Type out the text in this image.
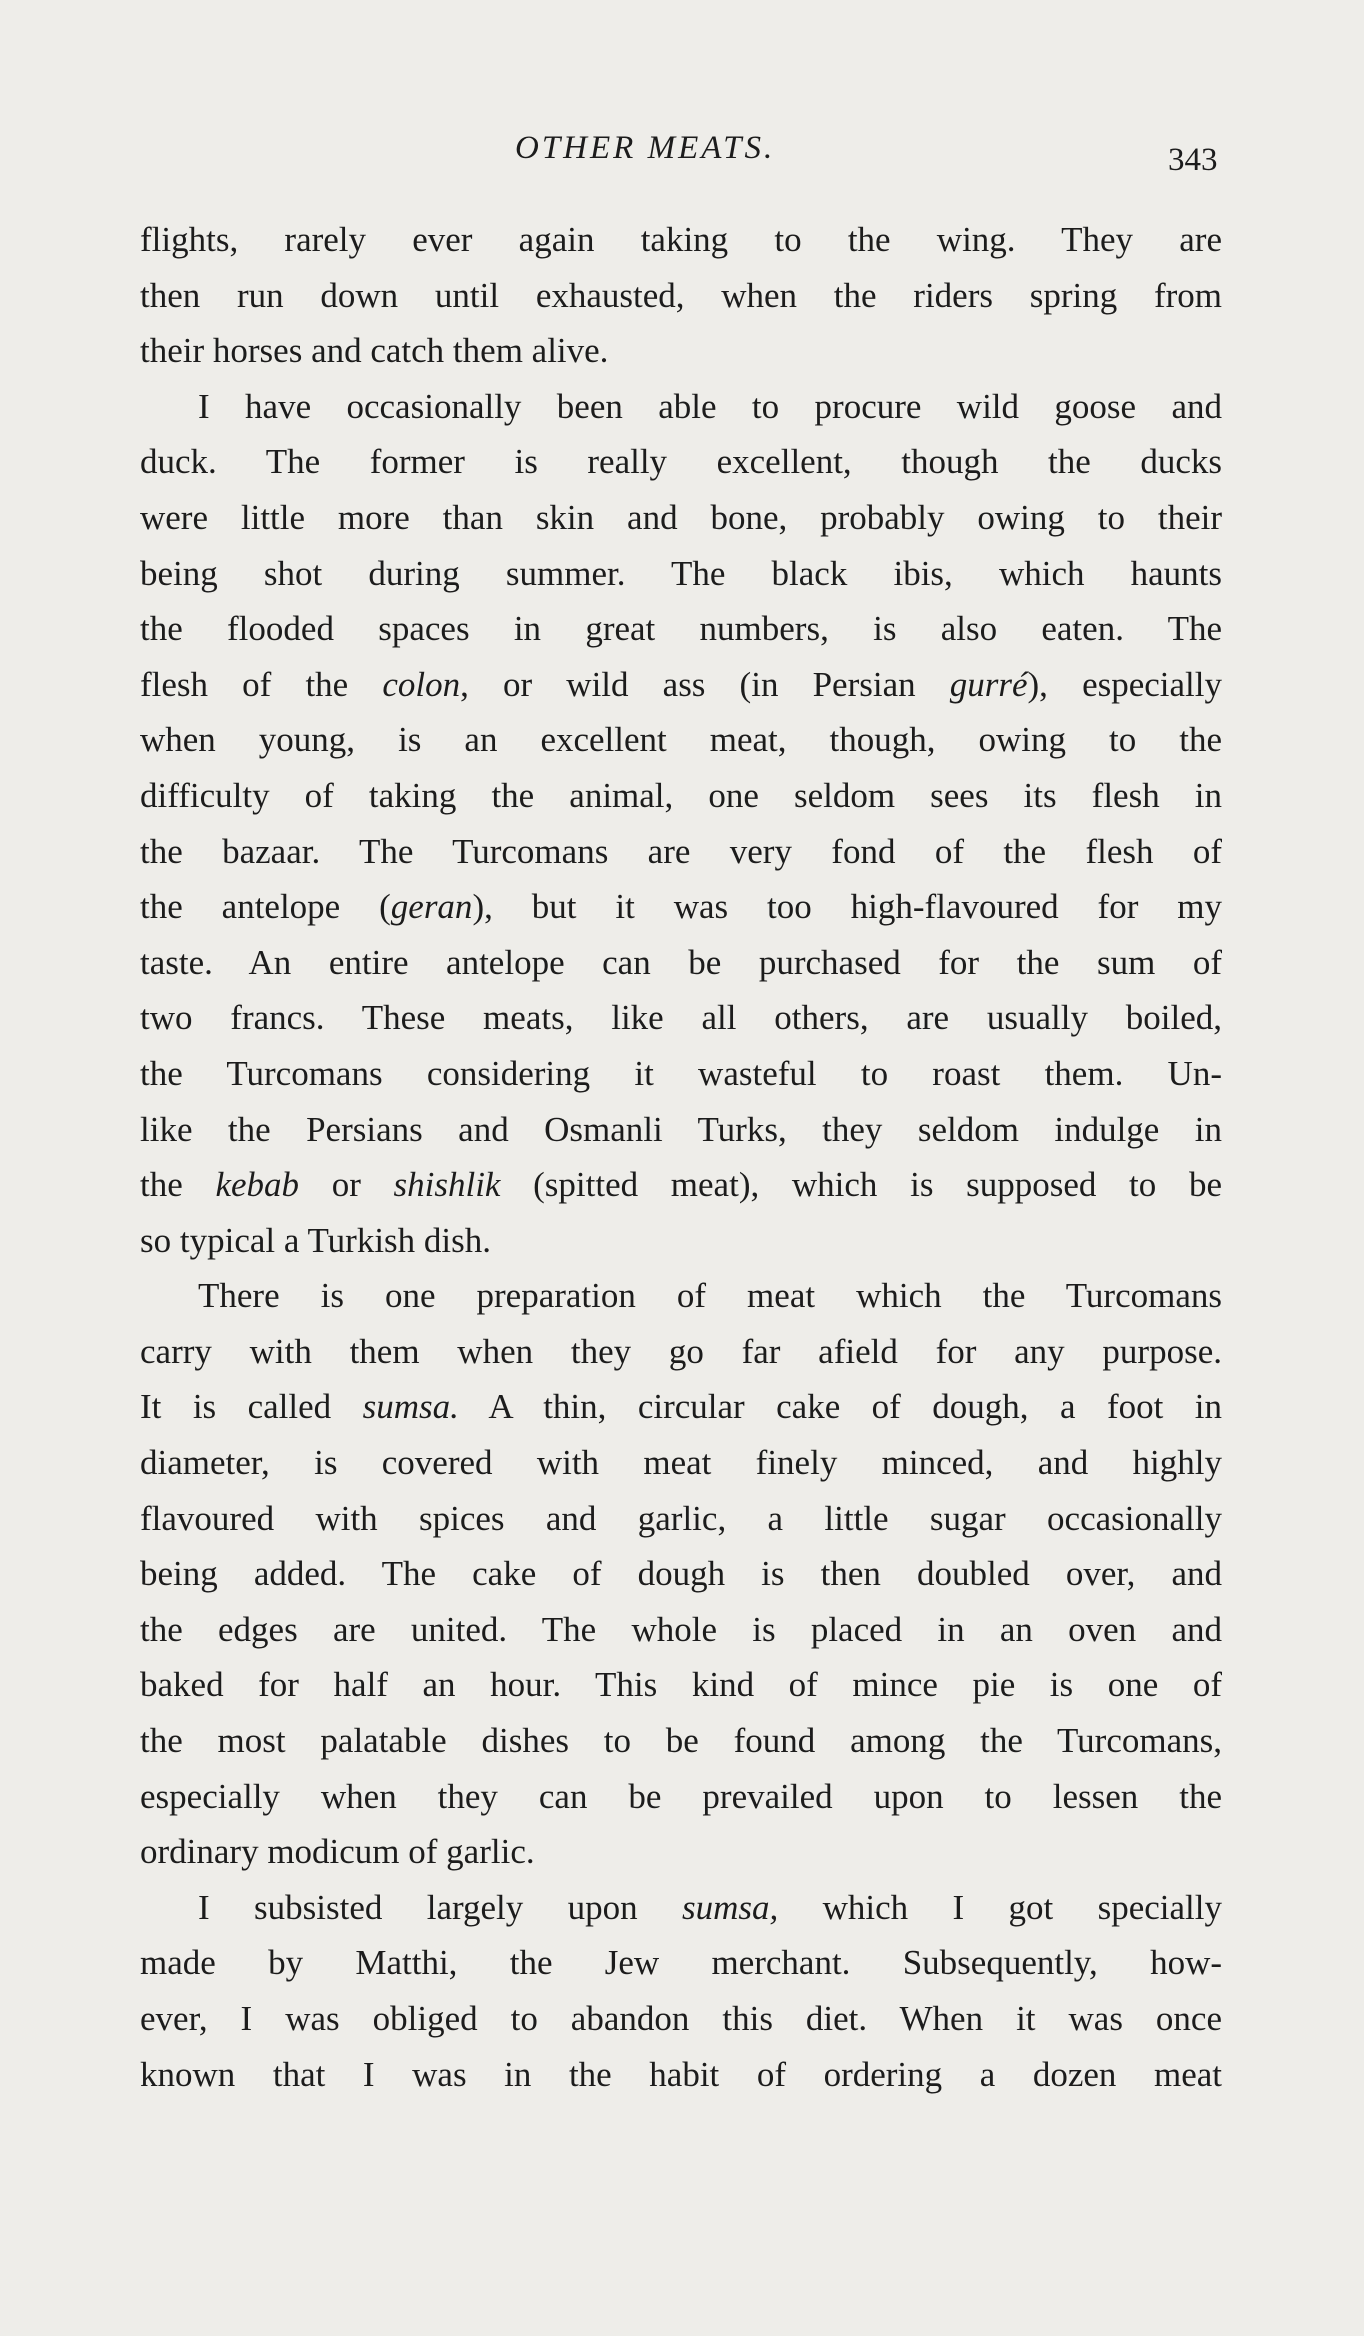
OTHER MEATS.	343
flights, rarely ever again taking to the wing. They are
then run down until exhausted, when the riders spring from
their horses and catch them alive.
I have occasionally been able to procure wild goose and
duck. The former is really excellent, though the ducks
were little more than skin and bone, probably owing to their
being shot during summer. The black ibis, which haunts
the flooded spaces in great numbers, is also eaten. The
flesh of the colon, or wild ass (in Persian gurré), especially
when young, is an excellent meat, though, owing to the
difficulty of taking the animal, one seldom sees its flesh in
the bazaar. The Turcomans are very fond of the flesh of
the antelope (geran), but it was too high-flavoured for my
taste. An entire antelope can be purchased for the sum of
two francs. These meats, like all others, are usually boiled,
the Turcomans considering it wasteful to roast them. Un-
like the Persians and Osmanli Turks, they seldom indulge in
the kebab or shishlik (spitted meat), which is supposed to be
so typical a Turkish dish.
There is one preparation of meat which the Turcomans
carry with them when they go far afield for any purpose.
It is called sumsa. A thin, circular cake of dough, a foot in
diameter, is covered with meat finely minced, and highly
flavoured with spices and garlic, a little sugar occasionally
being added. The cake of dough is then doubled over, and
the edges are united. The whole is placed in an oven and
baked for half an hour. This kind of mince pie is one of
the most palatable dishes to be found among the Turcomans,
especially when they can be prevailed upon to lessen the
ordinary modicum of garlic.
I subsisted largely upon sumsa, which I got specially
made by Matthi, the Jew merchant. Subsequently, how-
ever, I was obliged to abandon this diet. When it was once
known that I was in the habit of ordering a dozen meat
